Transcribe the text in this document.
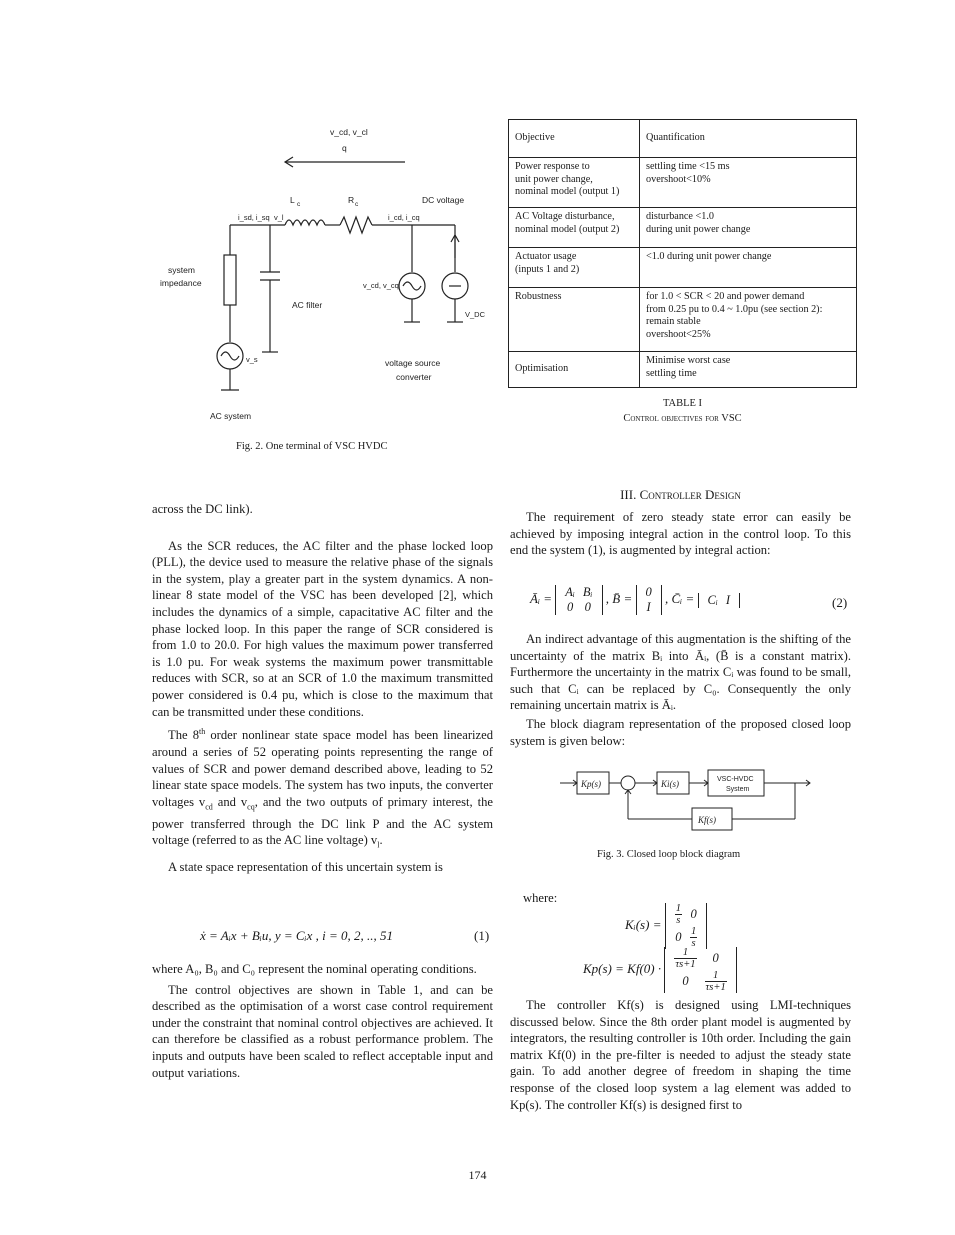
v_cd, v_cl
q
L c	R c	DC voltage
i_sd, i_sq v_l	i_cd, i_cq
system
impedance	v_cd, v_cq
AC filter
V_DC
v_s	voltage source
converter
AC system
Fig. 2. One terminal of VSC HVDC
Objective	Quantification
Power response to
unit power change,
nominal model (output 1)	settling time <15 ms
overshoot<10%
AC Voltage disturbance,
nominal model (output 2)	disturbance <1.0
during unit power change
Actuator usage
(inputs 1 and 2)	<1.0 during unit power change
Robustness	for 1.0 < SCR < 20 and power demand
from 0.25 pu to 0.4 ~ 1.0pu (see section 2):
remain stable
overshoot<25%
Optimisation	Minimise worst case
settling time
TABLE I
Control objectives for VSC

across the DC link).

As the SCR reduces, the AC filter and the phase locked loop (PLL), the device used to measure the relative phase of the signals in the system, play a greater part in the system dynamics. A non-linear 8 state model of the VSC has been developed [2], which includes the dynamics of a simple, capacitative AC filter and the phase locked loop. In this paper the range of SCR considered is from 1.0 to 20.0. For high values the maximum power transferred is 1.0 pu. For weak systems the maximum power transmittable reduces with SCR, so at an SCR of 1.0 the maximum transmitted power considered is 0.4 pu, which is close to the maximum that can be transmitted under these conditions.

The 8th order nonlinear state space model has been linearized around a series of 52 operating points representing the range of values of SCR and power demand described above, leading to 52 linear state space models. The system has two inputs, the converter voltages $v_{cd}$ and $v_{cq}$, and the two outputs of primary interest, the power transferred through the DC link P and the AC system voltage (referred to as the AC line voltage) $v_l$.

A state space representation of this uncertain system is

ẋ = Aᵢx + Bᵢu, y = Cᵢx , i = 0, 2, .., 51	(1)

where A₀, B₀ and C₀ represent the nominal operating conditions.

The control objectives are shown in Table 1, and can be described as the optimisation of a worst case control requirement under the constraint that nominal control objectives are achieved. It can therefore be classified as a robust performance problem. The inputs and outputs have been scaled to reflect acceptable input and output variations.

III. Controller Design

The requirement of zero steady state error can easily be achieved by imposing integral action in the control loop. To this end the system (1), is augmented by integral action:

Āᵢ = Aᵢ	Bᵢ
0	0
, B̄ = 0
I
, C̄ᵢ = Cᵢ	I	(2)

An indirect advantage of this augmentation is the shifting of the uncertainty of the matrix Bᵢ into Āᵢ, (B̄ is a constant matrix). Furthermore the uncertainty in the matrix Cᵢ was found to be small, such that Cᵢ can be replaced by C₀. Consequently the only remaining uncertain matrix is Āᵢ.

The block diagram representation of the proposed closed loop system is given below:

Kp(s)	Ki(s)
Kf(s)
VSC-HVDC
System
Fig. 3. Closed loop block diagram
where:
Kᵢ(s) = $\frac{1}{s}$	0
0	$\frac{1}{s}$
$Kp(s) = Kf(0) \cdot \frac{1}{\tau s+1}$	0
0	$\frac{1}{\tau s+1}$

The controller Kf(s) is designed using LMI-techniques discussed below. Since the 8th order plant model is augmented by integrators, the resulting controller is 10th order. Including the gain matrix Kf(0) in the pre-filter is needed to adjust the steady state gain. To add another degree of freedom in shaping the time response of the closed loop system a lag element was added to Kp(s). The controller Kf(s) is designed first to

174
